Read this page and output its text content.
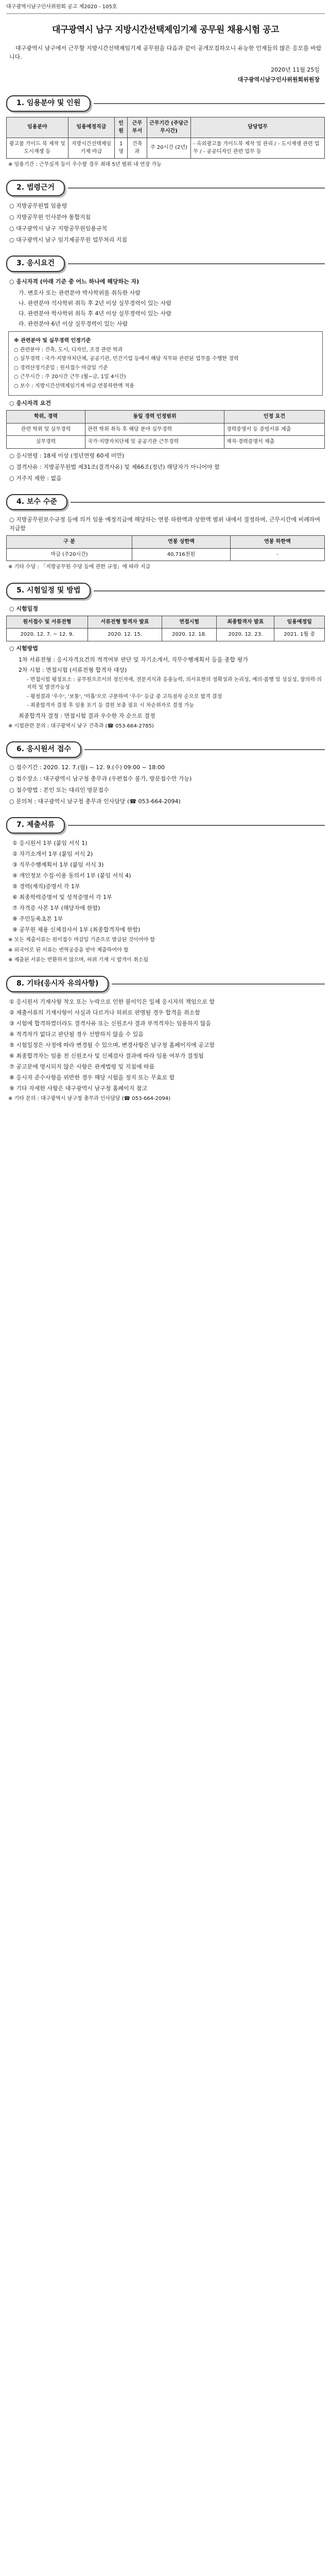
대구광역시남구인사위원회 공고 제2020 - 105호
대구광역시 남구 지방시간선택제임기제 공무원 채용시험 공고
대구광역시 남구에서 근무할 지방시간선택제임기제 공무원을 다음과 같이 공개모집하오니 유능한 인재들의 많은 응모를 바랍니다.
2020년 11월 25일
대구광역시남구인사위원회위원장
1. 임용분야 및 인원
임용분야	임용예정직급	인원	근무부서	근무기간 (주당근무시간)	담당업무
광고물 가이드 북 제작 및 도시재생 등	지방시간선택제임기제 마급	1명	건축과	주 20시간 (2년)	- 옥외광고물 가이드북 제작 및 관리 / - 도시재생 관련 업무 / - 공공디자인 관련 업무 등
※ 임용기간 : 근무실적 등이 우수할 경우 최대 5년 범위 내 연장 가능
2. 법령근거
○ 지방공무원법 임용령
○ 지방공무원 인사분야 통합지침
○ 대구광역시 남구 지방공무원임용규칙
○ 대구광역시 남구 임기제공무원 업무처리 지침
3. 응시요건
○ 응시자격 (아래 기준 중 어느 하나에 해당하는 자)
가. 변호사 또는 관련분야 박사학위를 취득한 사람
나. 관련분야 석사학위 취득 후 2년 이상 실무경력이 있는 사람
다. 관련분야 학사학위 취득 후 4년 이상 실무경력이 있는 사람
라. 관련분야 6년 이상 실무경력이 있는 사람
※ 관련분야 및 실무경력 인정기준
○ 관련분야 : 건축, 도시, 디자인, 조경 관련 학과
○ 실무경력 : 국가·지방자치단체, 공공기관, 민간기업 등에서 해당 직무와 관련된 업무를 수행한 경력
○ 경력산정기준일 : 원서접수 마감일 기준
○ 근무시간 : 주 20시간 근무 (월~금, 1일 4시간)
○ 보수 : 지방시간선택제임기제 마급 연봉하한액 적용
○ 응시자격 요건
학위, 경력	동일 경력 인정범위	인정 요건
관련 학위 및 실무경력	관련 학위 취득 후 해당 분야 실무경력	경력증명서 등 증빙서류 제출
실무경력	국가·지방자치단체 및 공공기관 근무경력	재직·경력증명서 제출
○ 응시연령 : 18세 이상 (정년연령 60세 미만)
○ 결격사유 : 지방공무원법 제31조(결격사유) 및 제66조(정년) 해당자가 아니어야 함
○ 거주지 제한 : 없음
4. 보수 수준
○ 지방공무원보수규정 등에 의거 임용 예정직급에 해당하는 연봉 하한액과 상한액 범위 내에서 결정하며, 근무시간에 비례하여 지급함
구 분	연봉 상한액	연봉 하한액
마급 (주20시간)	40,716천원	-
※ 기타 수당 : 「지방공무원 수당 등에 관한 규정」에 따라 지급
5. 시험일정 및 방법
○ 시험일정
원서접수 및 서류전형	서류전형 합격자 발표	면접시험	최종합격자 발표	임용예정일
2020. 12. 7. ~ 12. 9.	2020. 12. 15.	2020. 12. 18.	2020. 12. 23.	2021. 1월 중
○ 시험방법
1차 서류전형 : 응시자격요건의 적격여부 판단 및 자기소개서, 직무수행계획서 등을 종합 평가
2차 시험 : 면접시험 (서류전형 합격자 대상)
- 면접시험 평정요소 : 공무원으로서의 정신자세, 전문지식과 응용능력, 의사표현의 정확성과 논리성, 예의·품행 및 성실성, 창의력·의지력 및 발전가능성
- 평정결과 '우수', '보통', '미흡'으로 구분하여 '우수' 등급 중 고득점자 순으로 합격 결정
- 최종합격자 결정 후 임용 포기 등 결원 보충 필요 시 차순위자로 결정 가능
최종합격자 결정 : 면접시험 결과 우수한 자 순으로 결정
※ 시험관련 문의 : 대구광역시 남구 건축과 (☎ 053-664-2785)
6. 응시원서 접수
○ 접수기간 : 2020. 12. 7.(월) ~ 12. 9.(수) 09:00 ~ 18:00
○ 접수장소 : 대구광역시 남구청 총무과 (우편접수 불가, 방문접수만 가능)
○ 접수방법 : 본인 또는 대리인 방문접수
○ 문의처 : 대구광역시 남구청 총무과 인사담당 (☎ 053-664-2094)
7. 제출서류
① 응시원서 1부 (붙임 서식 1)
② 자기소개서 1부 (붙임 서식 2)
③ 직무수행계획서 1부 (붙임 서식 3)
④ 개인정보 수집·이용 동의서 1부 (붙임 서식 4)
⑤ 경력(재직)증명서 각 1부
⑥ 최종학력증명서 및 성적증명서 각 1부
⑦ 자격증 사본 1부 (해당자에 한함)
⑧ 주민등록초본 1부
⑨ 공무원 채용 신체검사서 1부 (최종합격자에 한함)
※ 모든 제출서류는 원서접수 마감일 기준으로 발급된 것이어야 함
※ 외국어로 된 서류는 번역공증을 받아 제출하여야 함
※ 제출된 서류는 반환하지 않으며, 허위 기재 시 합격이 취소됨
8. 기타(응시자 유의사항)
① 응시원서 기재사항 착오 또는 누락으로 인한 불이익은 일체 응시자의 책임으로 함
② 제출서류의 기재사항이 사실과 다르거나 허위로 판명될 경우 합격을 취소함
③ 시험에 합격하였더라도 결격사유 또는 신원조사 결과 부적격자는 임용하지 않음
④ 적격자가 없다고 판단될 경우 선발하지 않을 수 있음
⑤ 시험일정은 사정에 따라 변경될 수 있으며, 변경사항은 남구청 홈페이지에 공고함
⑥ 최종합격자는 임용 전 신원조사 및 신체검사 결과에 따라 임용 여부가 결정됨
⑦ 공고문에 명시되지 않은 사항은 관계법령 및 지침에 따름
⑧ 응시자 준수사항을 위반한 경우 해당 시험을 정지 또는 무효로 함
⑨ 기타 자세한 사항은 대구광역시 남구청 홈페이지 참고
※ 기타 문의 : 대구광역시 남구청 총무과 인사담당 (☎ 053-664-2094)
